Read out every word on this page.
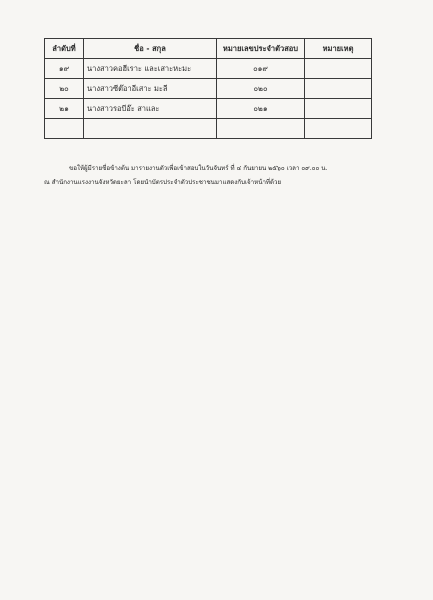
ลำดับที่	ชื่อ - สกุล	หมายเลขประจำตัวสอบ	หมายเหตุ
๑๙	นางสาวคอฮีเราะ และเสาะหะมะ	๐๑๙	
๒๐	นางสาวซีต๊อาอีเสาะ มะลี	๐๒๐	
๒๑	นางสาวรอบีอ๊ะ สาและ	๐๒๑	

ขอให้ผู้มีรายชื่อข้างต้น มารายงานตัวเพื่อเข้าสอบในวันจันทร์ ที่ ๔ กันยายน ๒๕๖๐ เวลา ๐๙.๐๐ น.
ณ สำนักงานแรงงานจังหวัดยะลา โดยนำบัตรประจำตัวประชาชนมาแสดงกับเจ้าหน้าที่ด้วย
